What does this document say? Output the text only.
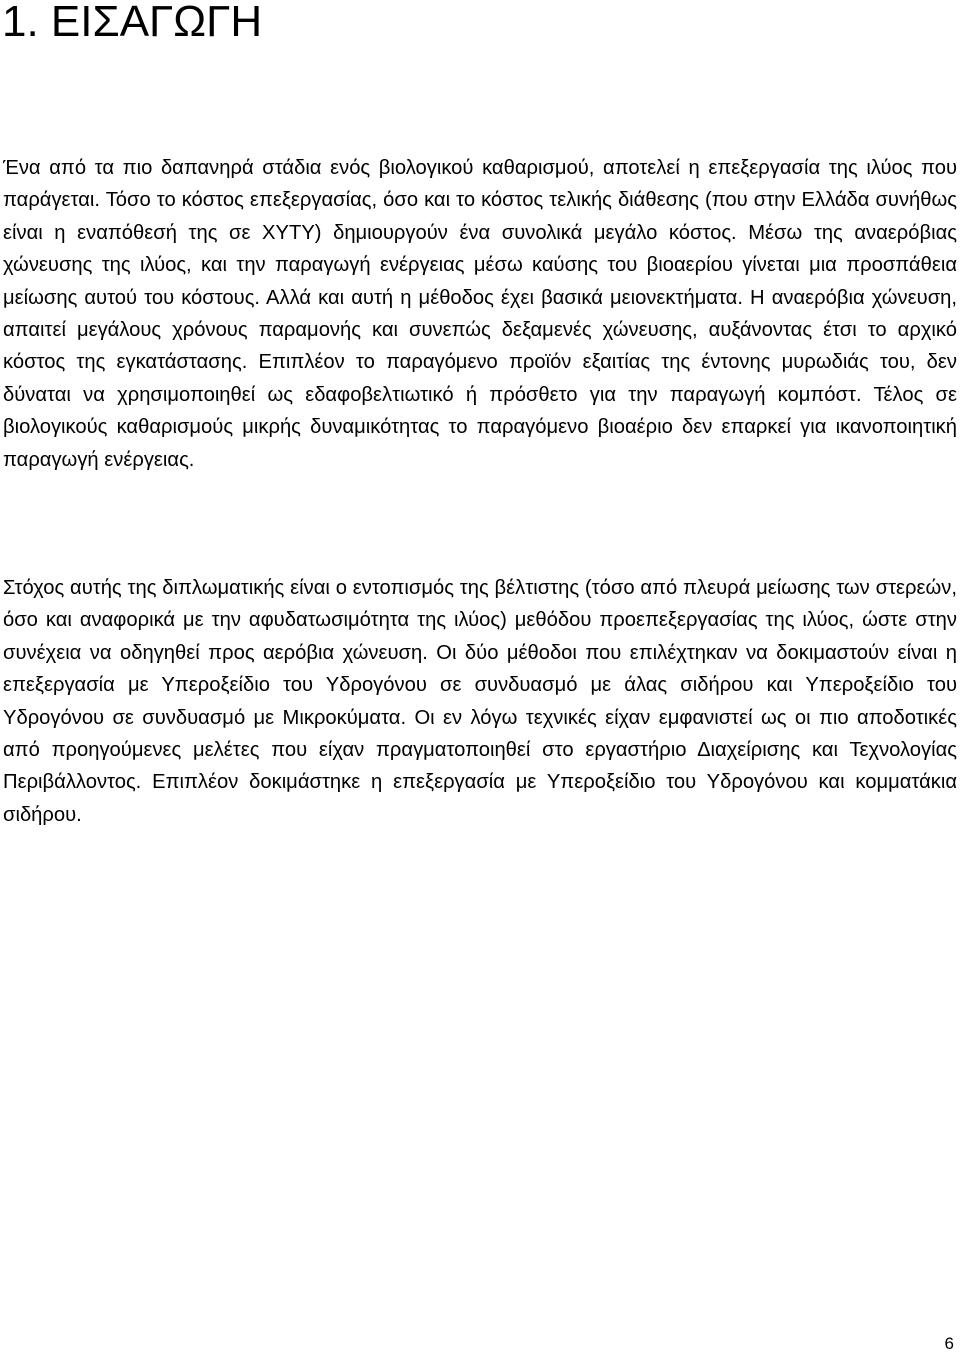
1. ΕΙΣΑΓΩΓΗ

Ένα από τα πιο δαπανηρά στάδια ενός βιολογικού καθαρισμού, αποτελεί η επεξεργασία της ιλύος που παράγεται. Τόσο το κόστος επεξεργασίας, όσο και το κόστος τελικής διάθεσης (που στην Ελλάδα συνήθως είναι η εναπόθεσή της σε ΧΥΤΥ) δημιουργούν ένα συνολικά μεγάλο κόστος. Μέσω της αναερόβιας χώνευσης της ιλύος, και την παραγωγή ενέργειας μέσω καύσης του βιοαερίου γίνεται μια προσπάθεια μείωσης αυτού του κόστους. Αλλά και αυτή η μέθοδος έχει βασικά μειονεκτήματα. Η αναερόβια χώνευση, απαιτεί μεγάλους χρόνους παραμονής και συνεπώς δεξαμενές χώνευσης, αυξάνοντας έτσι το αρχικό κόστος της εγκατάστασης. Επιπλέον το παραγόμενο προϊόν εξαιτίας της έντονης μυρωδιάς του, δεν δύναται να χρησιμοποιηθεί ως εδαφοβελτιωτικό ή πρόσθετο για την παραγωγή κομπόστ. Τέλος σε βιολογικούς καθαρισμούς μικρής δυναμικότητας το παραγόμενο βιοαέριο δεν επαρκεί για ικανοποιητική παραγωγή ενέργειας.

Στόχος αυτής της διπλωματικής είναι ο εντοπισμός της βέλτιστης (τόσο από πλευρά μείωσης των στερεών, όσο και αναφορικά με την αφυδατωσιμότητα της ιλύος) μεθόδου προεπεξεργασίας της ιλύος, ώστε στην συνέχεια να οδηγηθεί προς αερόβια χώνευση. Οι δύο μέθοδοι που επιλέχτηκαν να δοκιμαστούν είναι η επεξεργασία με Υπεροξείδιο του Υδρογόνου σε συνδυασμό με άλας σιδήρου και Υπεροξείδιο του Υδρογόνου σε συνδυασμό με Μικροκύματα. Οι εν λόγω τεχνικές είχαν εμφανιστεί ως οι πιο αποδοτικές από προηγούμενες μελέτες που είχαν πραγματοποιηθεί στο εργαστήριο Διαχείρισης και Τεχνολογίας Περιβάλλοντος. Επιπλέον δοκιμάστηκε η επεξεργασία με Υπεροξείδιο του Υδρογόνου και κομματάκια σιδήρου.

6
